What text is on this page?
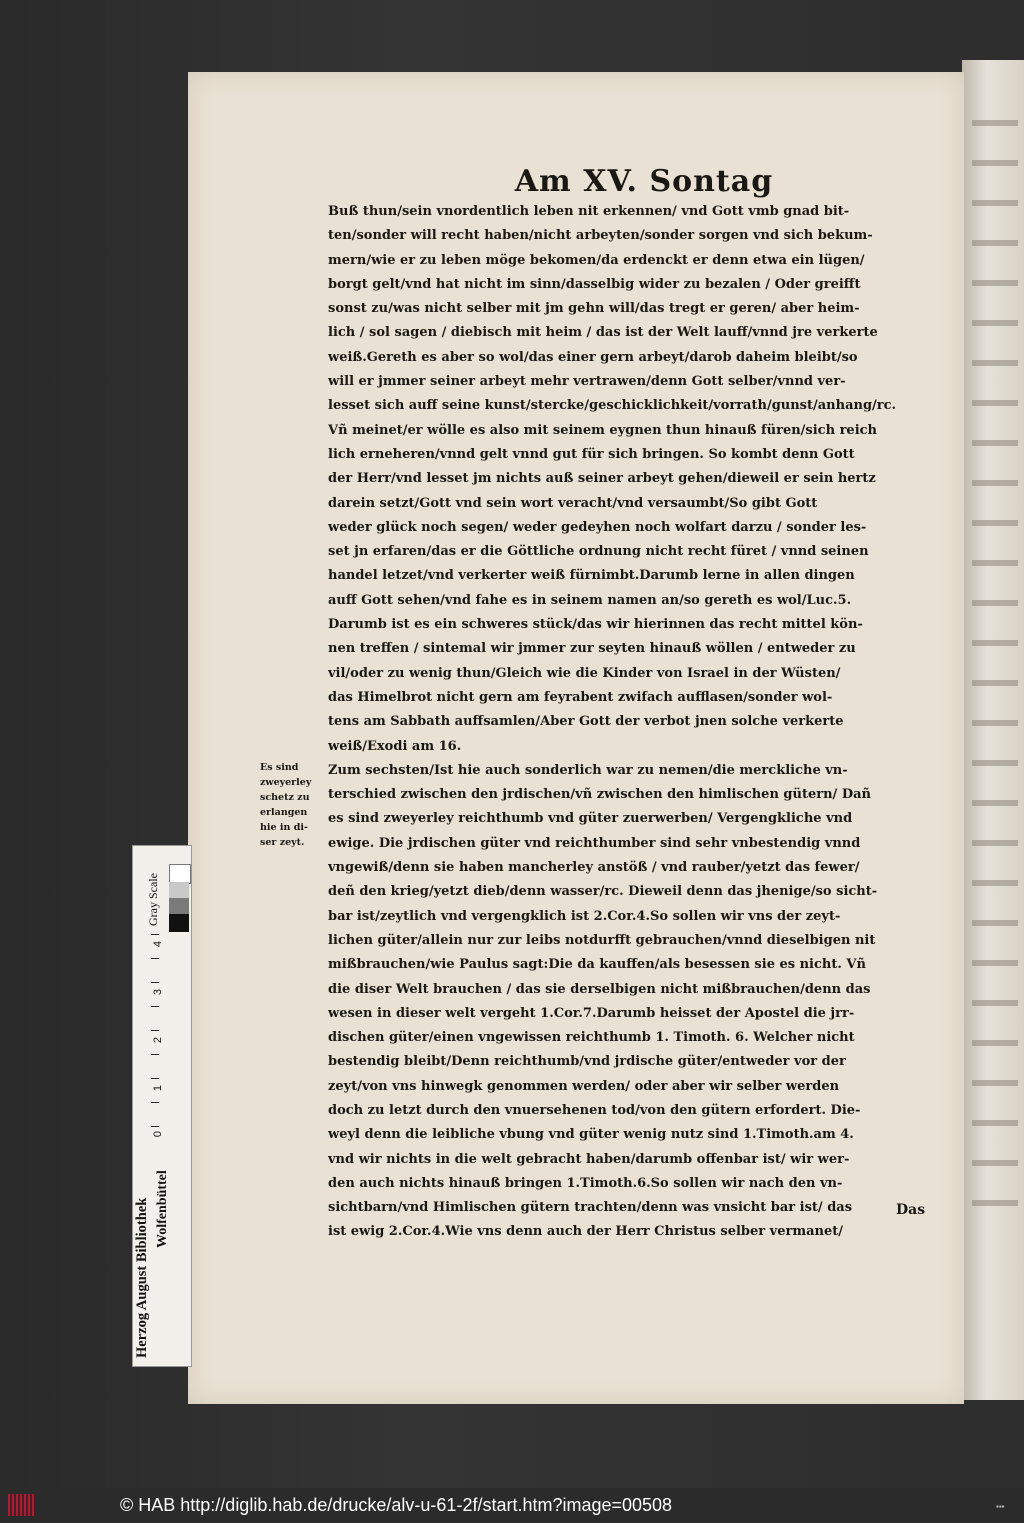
Am XV. Sontag
Buß thun/sein vnordentlich leben nit erkennen/ vnd Gott vmb gnad bit-
ten/sonder will recht haben/nicht arbeyten/sonder sorgen vnd sich bekum-
mern/wie er zu leben möge bekomen/da erdenckt er denn etwa ein lügen/
borgt gelt/vnd hat nicht im sinn/dasselbig wider zu bezalen / Oder greifft
sonst zu/was nicht selber mit jm gehn will/das tregt er geren/ aber heim-
lich / sol sagen / diebisch mit heim / das ist der Welt lauff/vnnd jre verkerte
weiß.Gereth es aber so wol/das einer gern arbeyt/darob daheim bleibt/so
will er jmmer seiner arbeyt mehr vertrawen/denn Gott selber/vnnd ver-
lesset sich auff seine kunst/stercke/geschicklichkeit/vorrath/gunst/anhang/rc.
Vñ meinet/er wölle es also mit seinem eygnen thun hinauß füren/sich reich
lich erneheren/vnnd gelt vnnd gut für sich bringen. So kombt denn Gott
der Herr/vnd lesset jm nichts auß seiner arbeyt gehen/dieweil er sein hertz
darein setzt/Gott vnd sein wort veracht/vnd versaumbt/So gibt Gott
weder glück noch segen/ weder gedeyhen noch wolfart darzu / sonder les-
set jn erfaren/das er die Göttliche ordnung nicht recht füret / vnnd seinen
handel letzet/vnd verkerter weiß fürnimbt.Darumb lerne in allen dingen
auff Gott sehen/vnd fahe es in seinem namen an/so gereth es wol/Luc.5.
Darumb ist es ein schweres stück/das wir hierinnen das recht mittel kön-
nen treffen / sintemal wir jmmer zur seyten hinauß wöllen / entweder zu
vil/oder zu wenig thun/Gleich wie die Kinder von Israel in der Wüsten/
das Himelbrot nicht gern am feyrabent zwifach aufflasen/sonder wol-
tens am Sabbath auffsamlen/Aber Gott der verbot jnen solche verkerte
weiß/Exodi am 16.
Zum sechsten/Ist hie auch sonderlich war zu nemen/die merckliche vn-
terschied zwischen den jrdischen/vñ zwischen den himlischen gütern/ Dañ
es sind zweyerley reichthumb vnd güter zuerwerben/ Vergengkliche vnd
ewige. Die jrdischen güter vnd reichthumber sind sehr vnbestendig vnnd
vngewiß/denn sie haben mancherley anstöß / vnd rauber/yetzt das fewer/
deñ den krieg/yetzt dieb/denn wasser/rc. Dieweil denn das jhenige/so sicht-
bar ist/zeytlich vnd vergengklich ist 2.Cor.4.So sollen wir vns der zeyt-
lichen güter/allein nur zur leibs notdurfft gebrauchen/vnnd dieselbigen nit
mißbrauchen/wie Paulus sagt:Die da kauffen/als besessen sie es nicht. Vñ
die diser Welt brauchen / das sie derselbigen nicht mißbrauchen/denn das
wesen in dieser welt vergeht 1.Cor.7.Darumb heisset der Apostel die jrr-
dischen güter/einen vngewissen reichthumb 1. Timoth. 6. Welcher nicht
bestendig bleibt/Denn reichthumb/vnd jrdische güter/entweder vor der
zeyt/von vns hinwegk genommen werden/ oder aber wir selber werden
doch zu letzt durch den vnuersehenen tod/von den gütern erfordert. Die-
weyl denn die leibliche vbung vnd güter wenig nutz sind 1.Timoth.am 4.
vnd wir nichts in die welt gebracht haben/darumb offenbar ist/ wir wer-
den auch nichts hinauß bringen 1.Timoth.6.So sollen wir nach den vn-
sichtbarn/vnd Himlischen gütern trachten/denn was vnsicht bar ist/ das
ist ewig 2.Cor.4.Wie vns denn auch der Herr Christus selber vermanet/
Es sind
zweyerley
schetz zu
erlangen
hie in di-
ser zeyt.
Das
Herzog August Bibliothek Wolfenbüttel
Gray Scale
4
3
2
1
0
© HAB http://diglib.hab.de/drucke/alv-u-61-2f/start.htm?image=00508	▪▪▪
